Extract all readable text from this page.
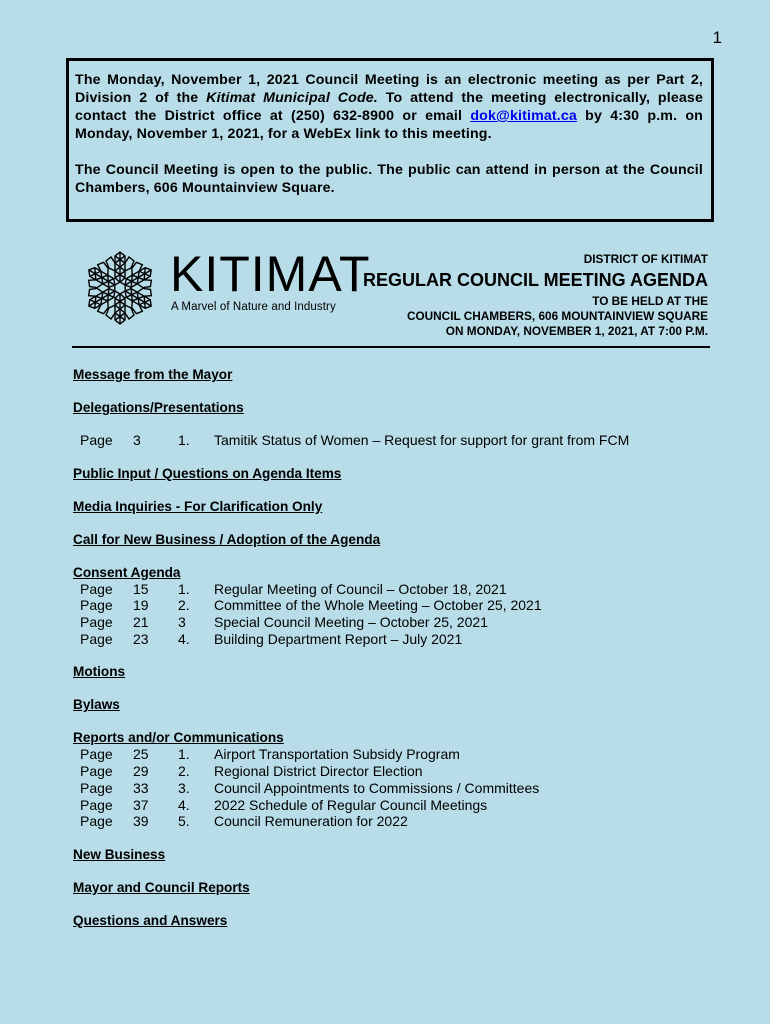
1

The Monday, November 1, 2021 Council Meeting is an electronic meeting as per Part 2, Division 2 of the Kitimat Municipal Code. To attend the meeting electronically, please contact the District office at (250) 632-8900 or email dok@kitimat.ca by 4:30 p.m. on Monday, November 1, 2021, for a WebEx link to this meeting.

The Council Meeting is open to the public. The public can attend in person at the Council Chambers, 606 Mountainview Square.

KITIMAT
A Marvel of Nature and Industry
DISTRICT OF KITIMAT
REGULAR COUNCIL MEETING AGENDA
TO BE HELD AT THE
COUNCIL CHAMBERS, 606 MOUNTAINVIEW SQUARE
ON MONDAY, NOVEMBER 1, 2021, AT 7:00 P.M.

Message from the Mayor

Delegations/Presentations

Page 3	1. Tamitik Status of Women – Request for support for grant from FCM

Public Input / Questions on Agenda Items

Media Inquiries - For Clarification Only

Call for New Business / Adoption of the Agenda

Consent Agenda

Page 15 1. Regular Meeting of Council – October 18, 2021
Page 19 2. Committee of the Whole Meeting – October 25, 2021
Page 21 3 Special Council Meeting – October 25, 2021
Page 23 4. Building Department Report – July 2021

Motions

Bylaws

Reports and/or Communications

Page 25 1. Airport Transportation Subsidy Program
Page 29 2. Regional District Director Election
Page 33 3. Council Appointments to Commissions / Committees
Page 37 4. 2022 Schedule of Regular Council Meetings
Page 39 5. Council Remuneration for 2022

New Business

Mayor and Council Reports

Questions and Answers
